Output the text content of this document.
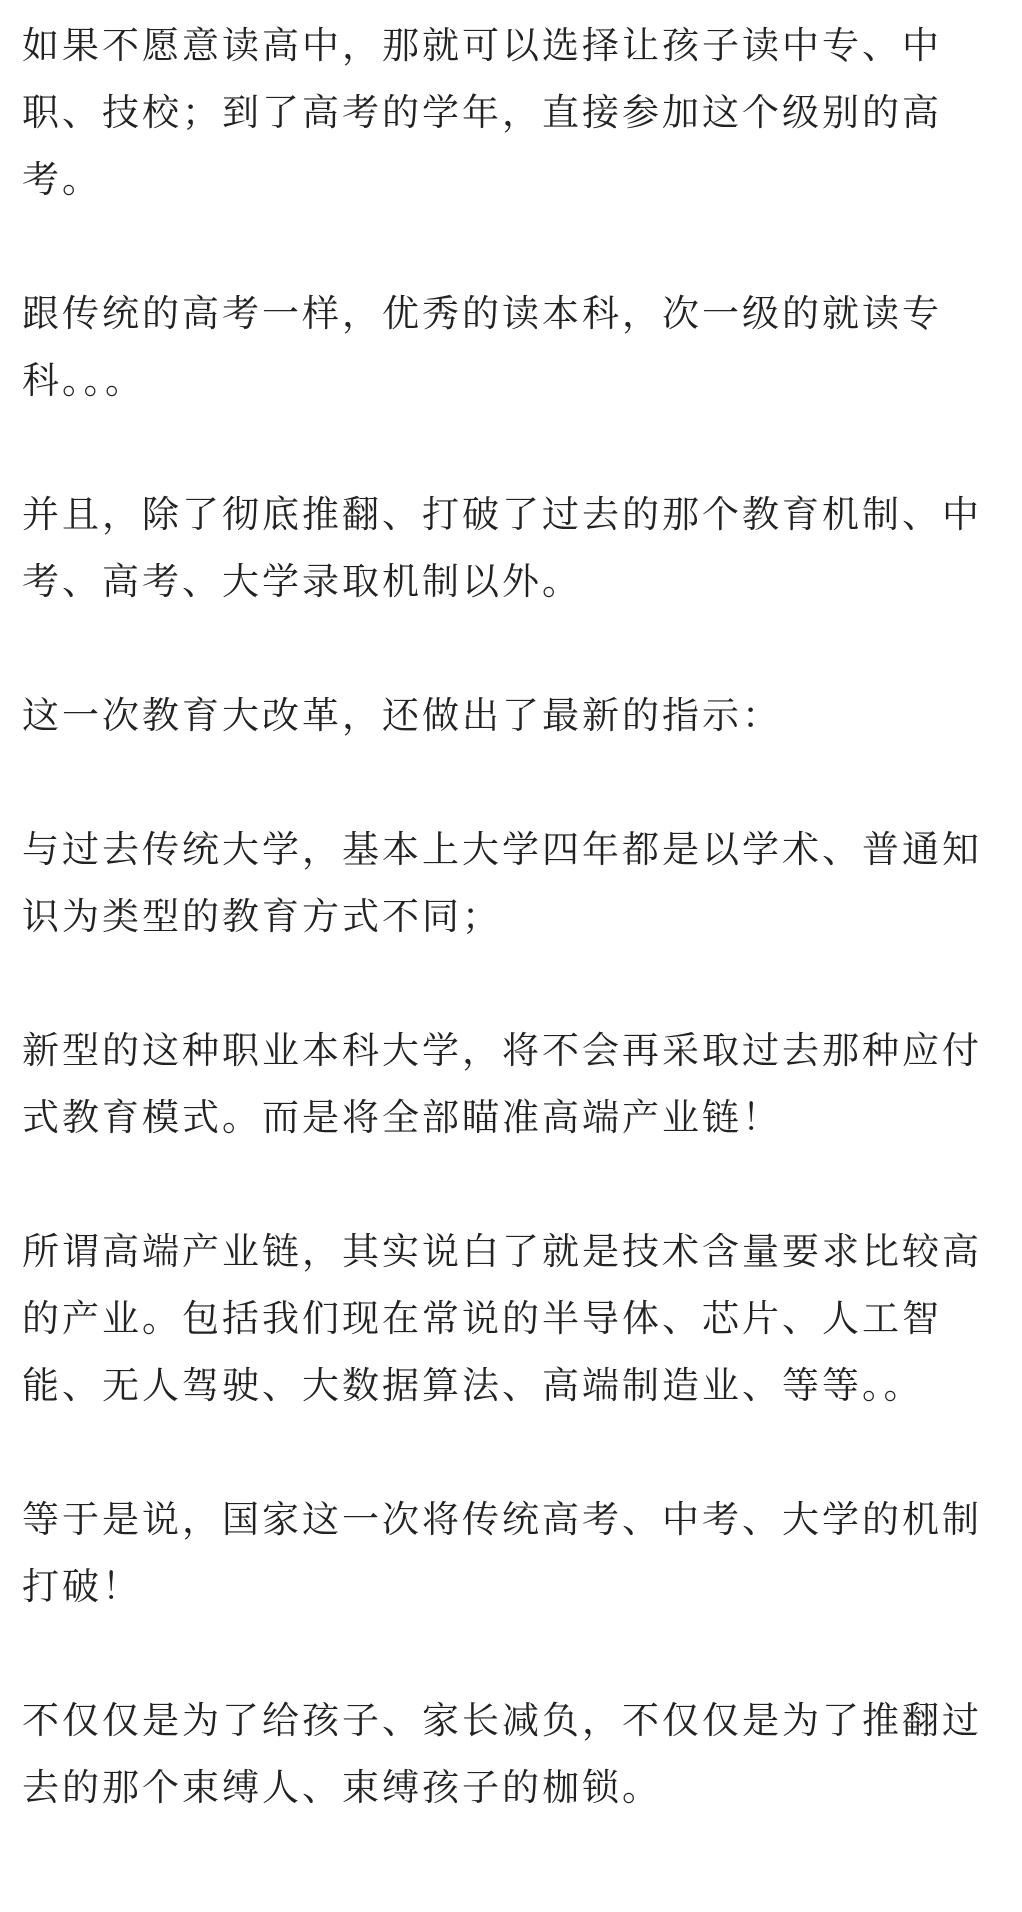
如果不愿意读高中，那就可以选择让孩子读中专、中职、技校；到了高考的学年，直接参加这个级别的高考。

跟传统的高考一样，优秀的读本科，次一级的就读专科。。。

并且，除了彻底推翻、打破了过去的那个教育机制、中考、高考、大学录取机制以外。

这一次教育大改革，还做出了最新的指示：

与过去传统大学，基本上大学四年都是以学术、普通知识为类型的教育方式不同；

新型的这种职业本科大学，将不会再采取过去那种应付式教育模式。而是将全部瞄准高端产业链！

所谓高端产业链，其实说白了就是技术含量要求比较高的产业。包括我们现在常说的半导体、芯片、人工智能、无人驾驶、大数据算法、高端制造业、等等。。

等于是说，国家这一次将传统高考、中考、大学的机制打破！

不仅仅是为了给孩子、家长减负，不仅仅是为了推翻过去的那个束缚人、束缚孩子的枷锁。
